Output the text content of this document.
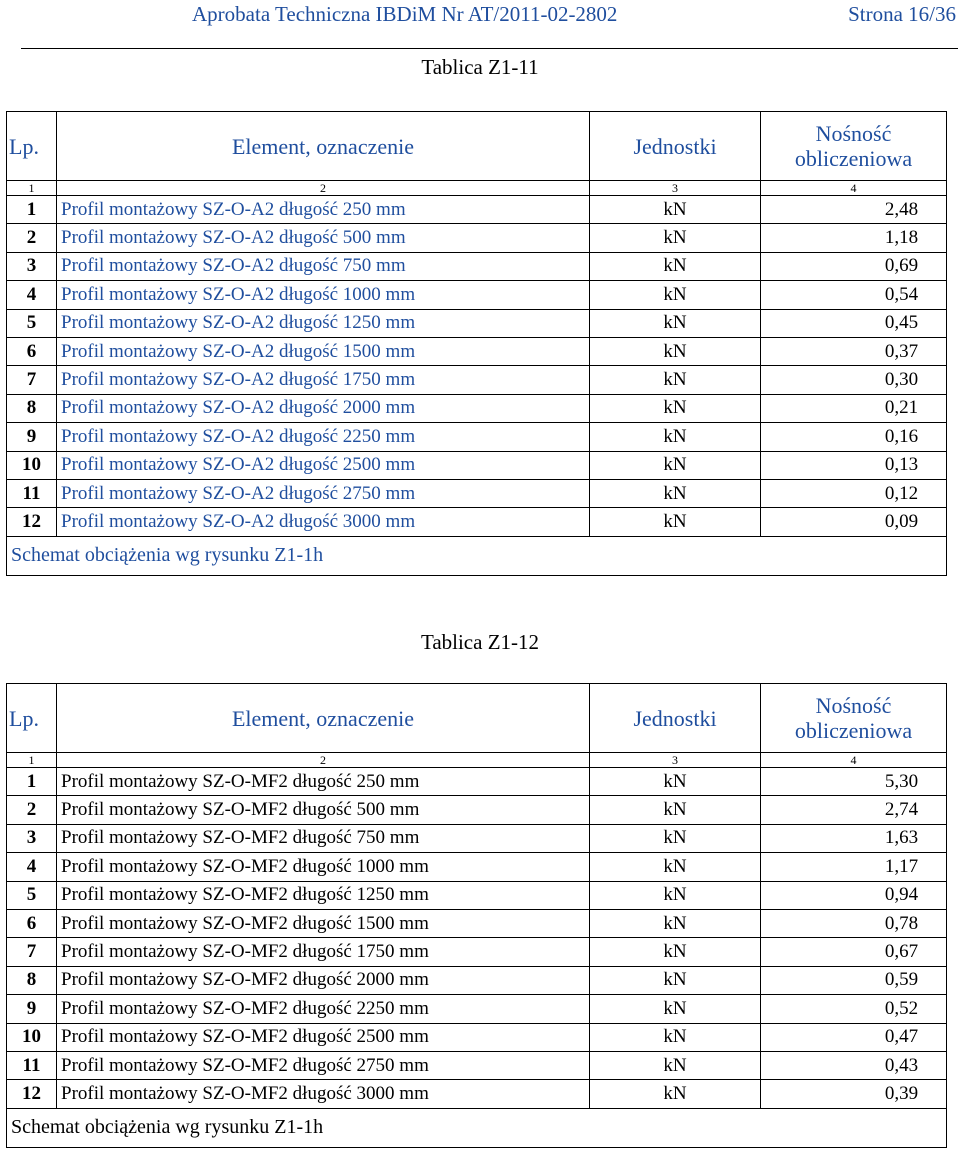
Aprobata Techniczna IBDiM Nr AT/2011-02-2802	Strona 16/36
Tablica Z1-11
Lp.	Element, oznaczenie	Jednostki	Nośność
obliczeniowa
1	2	3	4
1	Profil montażowy SZ-O-A2 długość 250 mm	kN	2,48
2	Profil montażowy SZ-O-A2 długość 500 mm	kN	1,18
3	Profil montażowy SZ-O-A2 długość 750 mm	kN	0,69
4	Profil montażowy SZ-O-A2 długość 1000 mm	kN	0,54
5	Profil montażowy SZ-O-A2 długość 1250 mm	kN	0,45
6	Profil montażowy SZ-O-A2 długość 1500 mm	kN	0,37
7	Profil montażowy SZ-O-A2 długość 1750 mm	kN	0,30
8	Profil montażowy SZ-O-A2 długość 2000 mm	kN	0,21
9	Profil montażowy SZ-O-A2 długość 2250 mm	kN	0,16
10	Profil montażowy SZ-O-A2 długość 2500 mm	kN	0,13
11	Profil montażowy SZ-O-A2 długość 2750 mm	kN	0,12
12	Profil montażowy SZ-O-A2 długość 3000 mm	kN	0,09
Schemat obciążenia wg rysunku Z1-1h			
Tablica Z1-12
Lp.	Element, oznaczenie	Jednostki	Nośność
obliczeniowa
1	2	3	4
1	Profil montażowy SZ-O-MF2 długość 250 mm	kN	5,30
2	Profil montażowy SZ-O-MF2 długość 500 mm	kN	2,74
3	Profil montażowy SZ-O-MF2 długość 750 mm	kN	1,63
4	Profil montażowy SZ-O-MF2 długość 1000 mm	kN	1,17
5	Profil montażowy SZ-O-MF2 długość 1250 mm	kN	0,94
6	Profil montażowy SZ-O-MF2 długość 1500 mm	kN	0,78
7	Profil montażowy SZ-O-MF2 długość 1750 mm	kN	0,67
8	Profil montażowy SZ-O-MF2 długość 2000 mm	kN	0,59
9	Profil montażowy SZ-O-MF2 długość 2250 mm	kN	0,52
10	Profil montażowy SZ-O-MF2 długość 2500 mm	kN	0,47
11	Profil montażowy SZ-O-MF2 długość 2750 mm	kN	0,43
12	Profil montażowy SZ-O-MF2 długość 3000 mm	kN	0,39
Schemat obciążenia wg rysunku Z1-1h			
